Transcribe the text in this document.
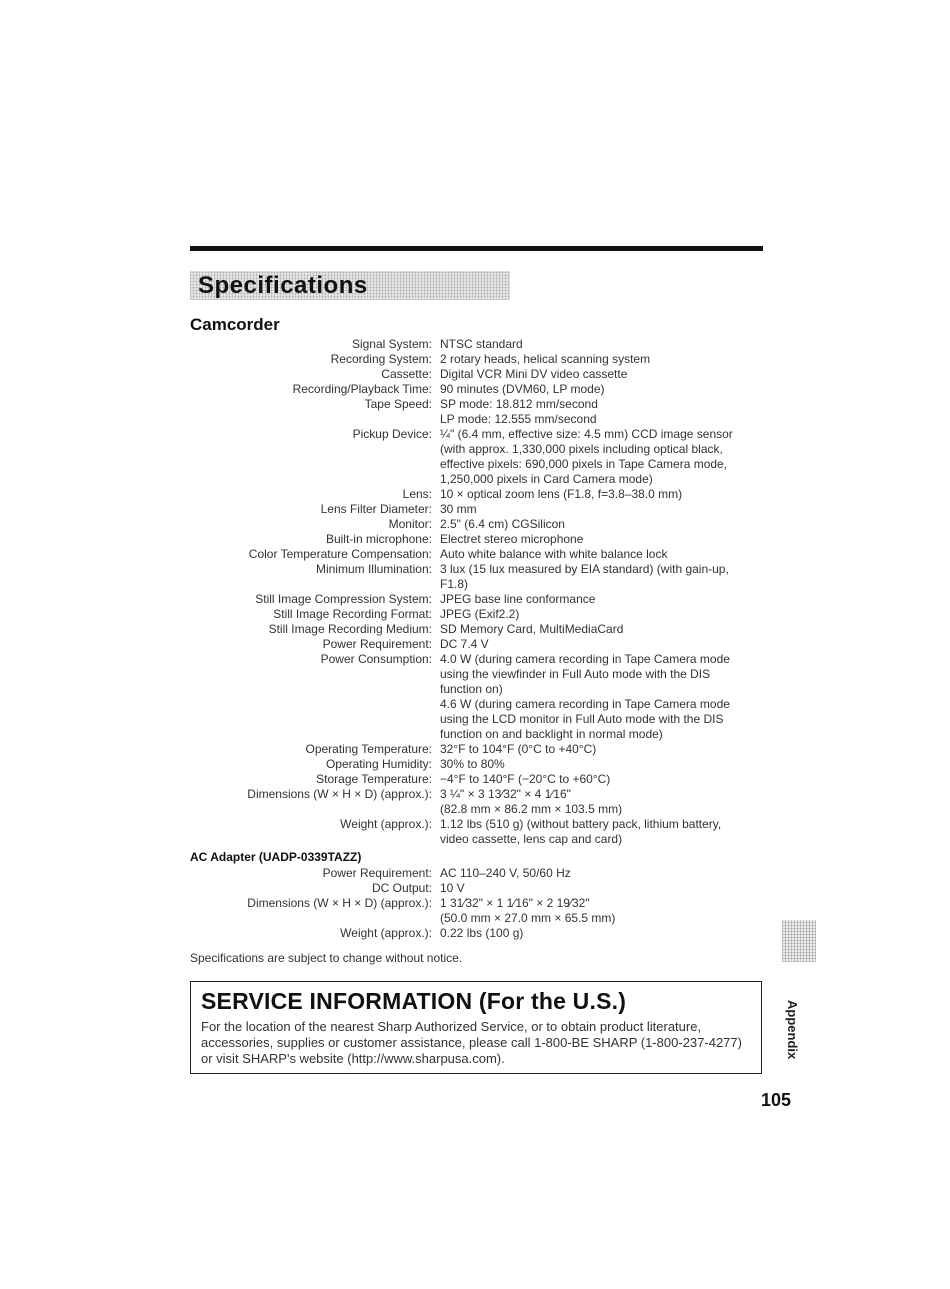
Specifications
Camcorder
Signal System: NTSC standard
Recording System: 2 rotary heads, helical scanning system
Cassette: Digital VCR Mini DV video cassette
Recording/Playback Time: 90 minutes (DVM60, LP mode)
Tape Speed: SP mode: 18.812 mm/second
LP mode: 12.555 mm/second
Pickup Device: ¼" (6.4 mm, effective size: 4.5 mm) CCD image sensor
(with approx. 1,330,000 pixels including optical black,
effective pixels: 690,000 pixels in Tape Camera mode,
1,250,000 pixels in Card Camera mode)
Lens: 10 × optical zoom lens (F1.8, f=3.8–38.0 mm)
Lens Filter Diameter: 30 mm
Monitor: 2.5" (6.4 cm) CGSilicon
Built-in microphone: Electret stereo microphone
Color Temperature Compensation: Auto white balance with white balance lock
Minimum Illumination: 3 lux (15 lux measured by EIA standard) (with gain-up,
F1.8)
Still Image Compression System: JPEG base line conformance
Still Image Recording Format: JPEG (Exif2.2)
Still Image Recording Medium: SD Memory Card, MultiMediaCard
Power Requirement: DC 7.4 V
Power Consumption: 4.0 W (during camera recording in Tape Camera mode
using the viewfinder in Full Auto mode with the DIS
function on)
4.6 W (during camera recording in Tape Camera mode
using the LCD monitor in Full Auto mode with the DIS
function on and backlight in normal mode)
Operating Temperature: 32°F to 104°F (0°C to +40°C)
Operating Humidity: 30% to 80%
Storage Temperature: −4°F to 140°F (−20°C to +60°C)
Dimensions (W × H × D) (approx.): 3 ¼" × 3 13⁄32" × 4 1⁄16"
(82.8 mm × 86.2 mm × 103.5 mm)
Weight (approx.): 1.12 lbs (510 g) (without battery pack, lithium battery,
video cassette, lens cap and card)
AC Adapter (UADP-0339TAZZ)
Power Requirement: AC 110–240 V, 50/60 Hz
DC Output: 10 V
Dimensions (W × H × D) (approx.): 1 31⁄32" × 1 1⁄16" × 2 19⁄32"
(50.0 mm × 27.0 mm × 65.5 mm)
Weight (approx.): 0.22 lbs (100 g)
Specifications are subject to change without notice.
SERVICE INFORMATION (For the U.S.)
For the location of the nearest Sharp Authorized Service, or to obtain product literature, accessories, supplies or customer assistance, please call 1-800-BE SHARP (1-800-237-4277) or visit SHARP's website (http://www.sharpusa.com).	Appendix
105
